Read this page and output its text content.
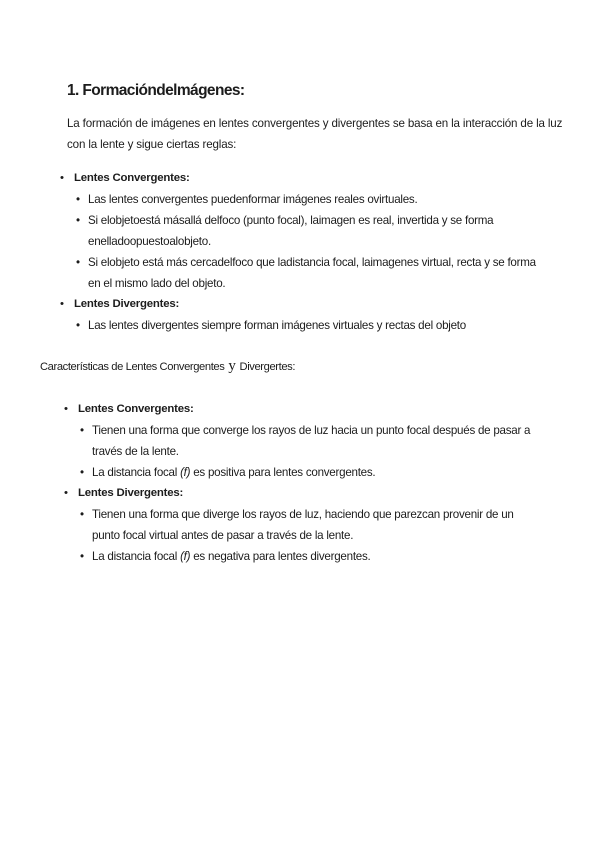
1. Formacióndelmágenes:

La formación de imágenes en lentes convergentes y divergentes se basa en la interacción de la luz con la lente y sigue ciertas reglas:

• Lentes Convergentes:
• Las lentes convergentes puedenformar imágenes reales ovirtuales.
• Si elobjetoestá másallá delfoco (punto focal), laimagen es real, invertida y se forma enelladoopuestoalobjeto.
• Si elobjeto está más cercadelfoco que ladistancia focal, laimagenes virtual, recta y se forma en el mismo lado del objeto.
• Lentes Divergentes:
• Las lentes divergentes siempre forman imágenes virtuales y rectas del objeto

Características de Lentes Convergentes y Divergertes:

• Lentes Convergentes:
• Tienen una forma que converge los rayos de luz hacia un punto focal después de pasar a través de la lente.
• La distancia focal (f) es positiva para lentes convergentes.
• Lentes Divergentes:
• Tienen una forma que diverge los rayos de luz, haciendo que parezcan provenir de un punto focal virtual antes de pasar a través de la lente.
• La distancia focal (f) es negativa para lentes divergentes.
